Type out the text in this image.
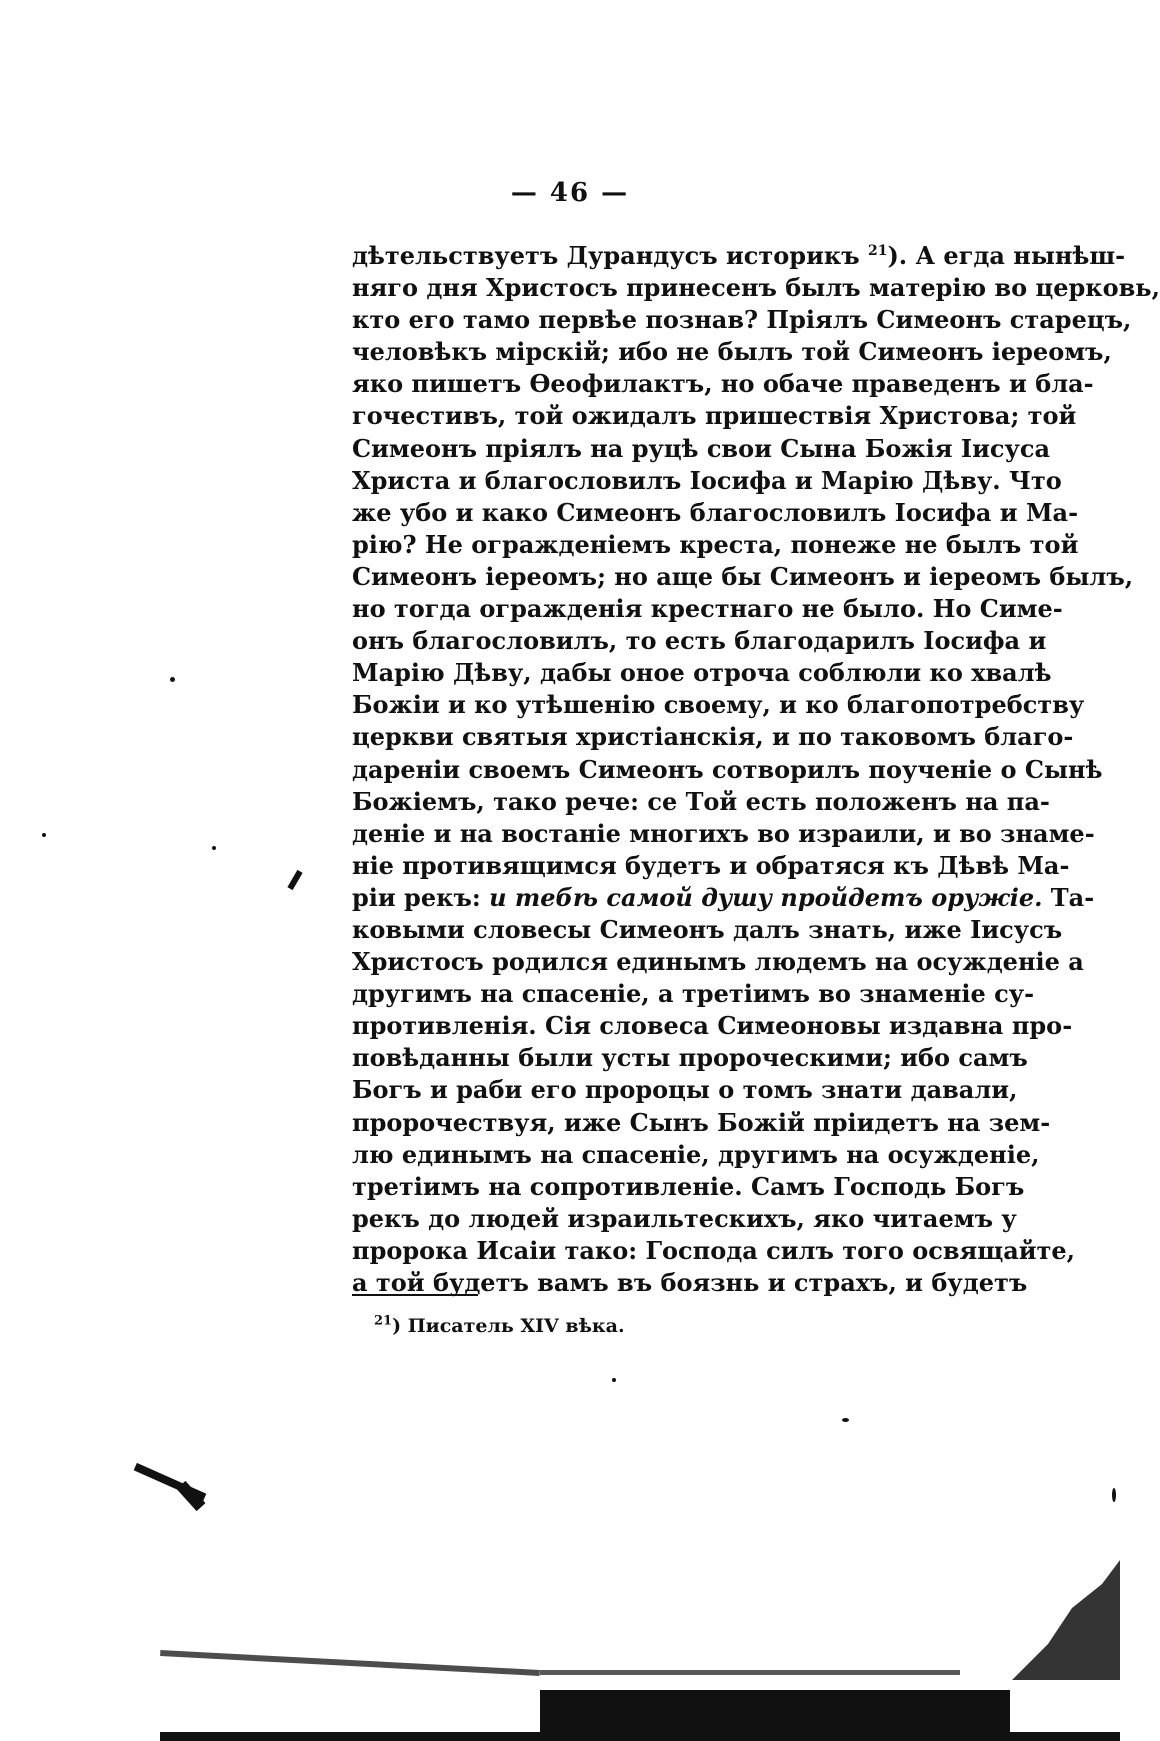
— 46 —
дѣтельствуетъ Дурандусъ историкъ $^{21}$). А егда нынѣш-
няго дня Христосъ принесенъ былъ матерію во церковь,
кто его тамо первѣе познав? Пріялъ Симеонъ старецъ,
человѣкъ мірскій; ибо не былъ той Симеонъ іереомъ,
яко пишетъ Ѳеофилактъ, но обаче праведенъ и бла-
гочестивъ, той ожидалъ пришествія Христова; той
Симеонъ пріялъ на руцѣ свои Сына Божія Іисуса
Христа и благословилъ Іосифа и Марію Дѣву. Что
же убо и како Симеонъ благословилъ Іосифа и Ма-
рію? Не огражденіемъ креста, понеже не былъ той
Симеонъ іереомъ; но аще бы Симеонъ и іереомъ былъ,
но тогда огражденія крестнаго не было. Но Симе-
онъ благословилъ, то есть благодарилъ Іосифа и
Марію Дѣву, дабы оное отроча соблюли ко хвалѣ
Божіи и ко утѣшенію своему, и ко благопотребству
церкви святыя христіанскія, и по таковомъ благо-
дареніи своемъ Симеонъ сотворилъ поученіе о Сынѣ
Божіемъ, тако рече: се Той есть положенъ на па-
деніе и на востаніе многихъ во израили, и во знаме-
ніе противящимся будетъ и обратяся къ Дѣвѣ Ма-
ріи рекъ: и тебѣ самой душу пройдетъ оружіе. Та-
ковыми словесы Симеонъ далъ знать, иже Іисусъ
Христосъ родился единымъ людемъ на осужденіе а
другимъ на спасеніе, а третіимъ во знаменіе су-
противленія. Сія словеса Симеоновы издавна про-
повѣданны были усты пророческими; ибо самъ
Богъ и раби его пророцы о томъ знати давали,
пророчествуя, иже Сынъ Божій пріидетъ на зем-
лю единымъ на спасеніе, другимъ на осужденіе,
третіимъ на сопротивленіе. Самъ Господь Богъ
рекъ до людей израильтескихъ, яко читаемъ у
пророка Исаіи тако: Господа силъ того освящайте,
а той будетъ вамъ въ боязнь и страхъ, и будетъ
$^{21}$) Писатель XIV вѣка.
